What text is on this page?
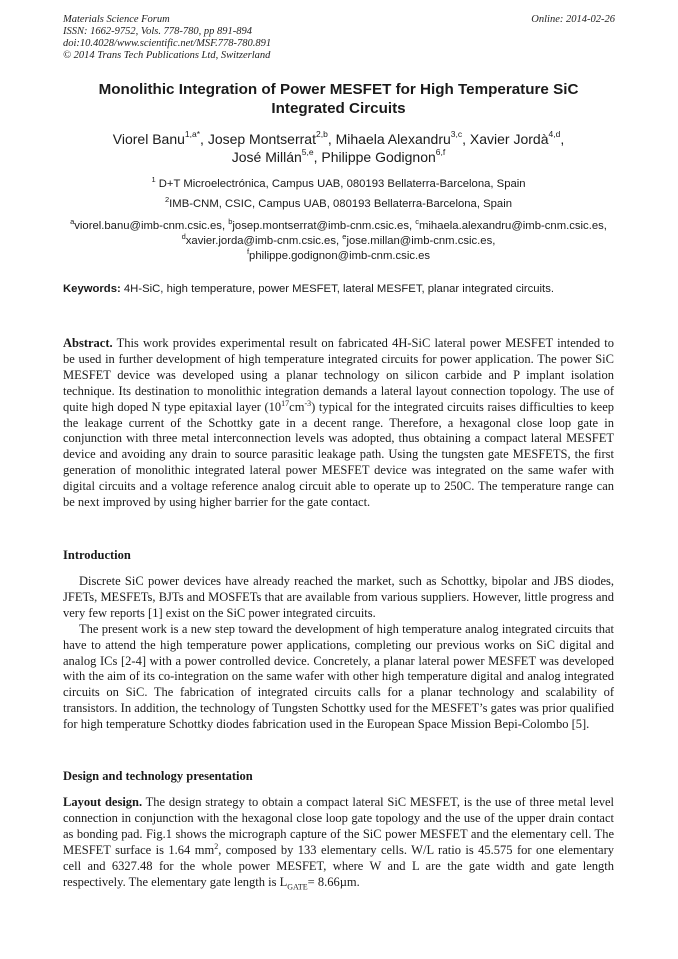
Materials Science Forum
ISSN: 1662-9752, Vols. 778-780, pp 891-894
doi:10.4028/www.scientific.net/MSF.778-780.891
© 2014 Trans Tech Publications Ltd, Switzerland
Online: 2014-02-26
Monolithic Integration of Power MESFET for High Temperature SiC Integrated Circuits
Viorel Banu$^{1,a*}$, Josep Montserrat$^{2,b}$, Mihaela Alexandru$^{3,c}$, Xavier Jordà$^{4,d}$,
José Millán$^{5,e}$, Philippe Godignon$^{6,f}$
$^1$ D+T Microelectrónica, Campus UAB, 080193 Bellaterra-Barcelona, Spain
$^2$IMB-CNM, CSIC, Campus UAB, 080193 Bellaterra-Barcelona, Spain
$^a$viorel.banu@imb-cnm.csic.es, $^b$josep.montserrat@imb-cnm.csic.es, $^c$mihaela.alexandru@imb-cnm.csic.es, $^d$xavier.jorda@imb-cnm.csic.es, $^e$jose.millan@imb-cnm.csic.es,
$^f$philippe.godignon@imb-cnm.csic.es
Keywords: 4H-SiC, high temperature, power MESFET, lateral MESFET, planar integrated circuits.
Abstract. This work provides experimental result on fabricated 4H-SiC lateral power MESFET intended to be used in further development of high temperature integrated circuits for power application. The power SiC MESFET device was developed using a planar technology on silicon carbide and P implant isolation technique. Its destination to monolithic integration demands a lateral layout connection topology. The use of quite high doped N type epitaxial layer $(10^{17}cm^{-3})$ typical for the integrated circuits raises difficulties to keep the leakage current of the Schottky gate in a decent range. Therefore, a hexagonal close loop gate in conjunction with three metal interconnection levels was adopted, thus obtaining a compact lateral MESFET device and avoiding any drain to source parasitic leakage path. Using the tungsten gate MESFETS, the first generation of monolithic integrated lateral power MESFET device was integrated on the same wafer with digital circuits and a voltage reference analog circuit able to operate up to 250C. The temperature range can be next improved by using higher barrier for the gate contact.
Introduction

Discrete SiC power devices have already reached the market, such as Schottky, bipolar and JBS diodes, JFETs, MESFETs, BJTs and MOSFETs that are available from various suppliers. However, little progress and very few reports [1] exist on the SiC power integrated circuits.

The present work is a new step toward the development of high temperature analog integrated circuits that have to attend the high temperature power applications, completing our previous works on SiC digital and analog ICs [2-4] with a power controlled device. Concretely, a planar lateral power MESFET was developed with the aim of its co-integration on the same wafer with other high temperature digital and analog integrated circuits on SiC. The fabrication of integrated circuits calls for a planar technology and scalability of transistors. In addition, the technology of Tungsten Schottky used for the MESFET’s gates was prior qualified for high temperature Schottky diodes fabrication used in the European Space Mission Bepi-Colombo [5].

Design and technology presentation
Layout design. The design strategy to obtain a compact lateral SiC MESFET, is the use of three metal level connection in conjunction with the hexagonal close loop gate topology and the use of the upper drain contact as bonding pad. Fig.1 shows the micrograph capture of the SiC power MESFET and the elementary cell. The MESFET surface is 1.64 $mm^2$, composed by 133 elementary cells. W/L ratio is 45.575 for one elementary cell and 6327.48 for the whole power MESFET, where W and L are the gate width and gate length respectively. The elementary gate length is $L_{GATE}= 8.66\mu m$.
